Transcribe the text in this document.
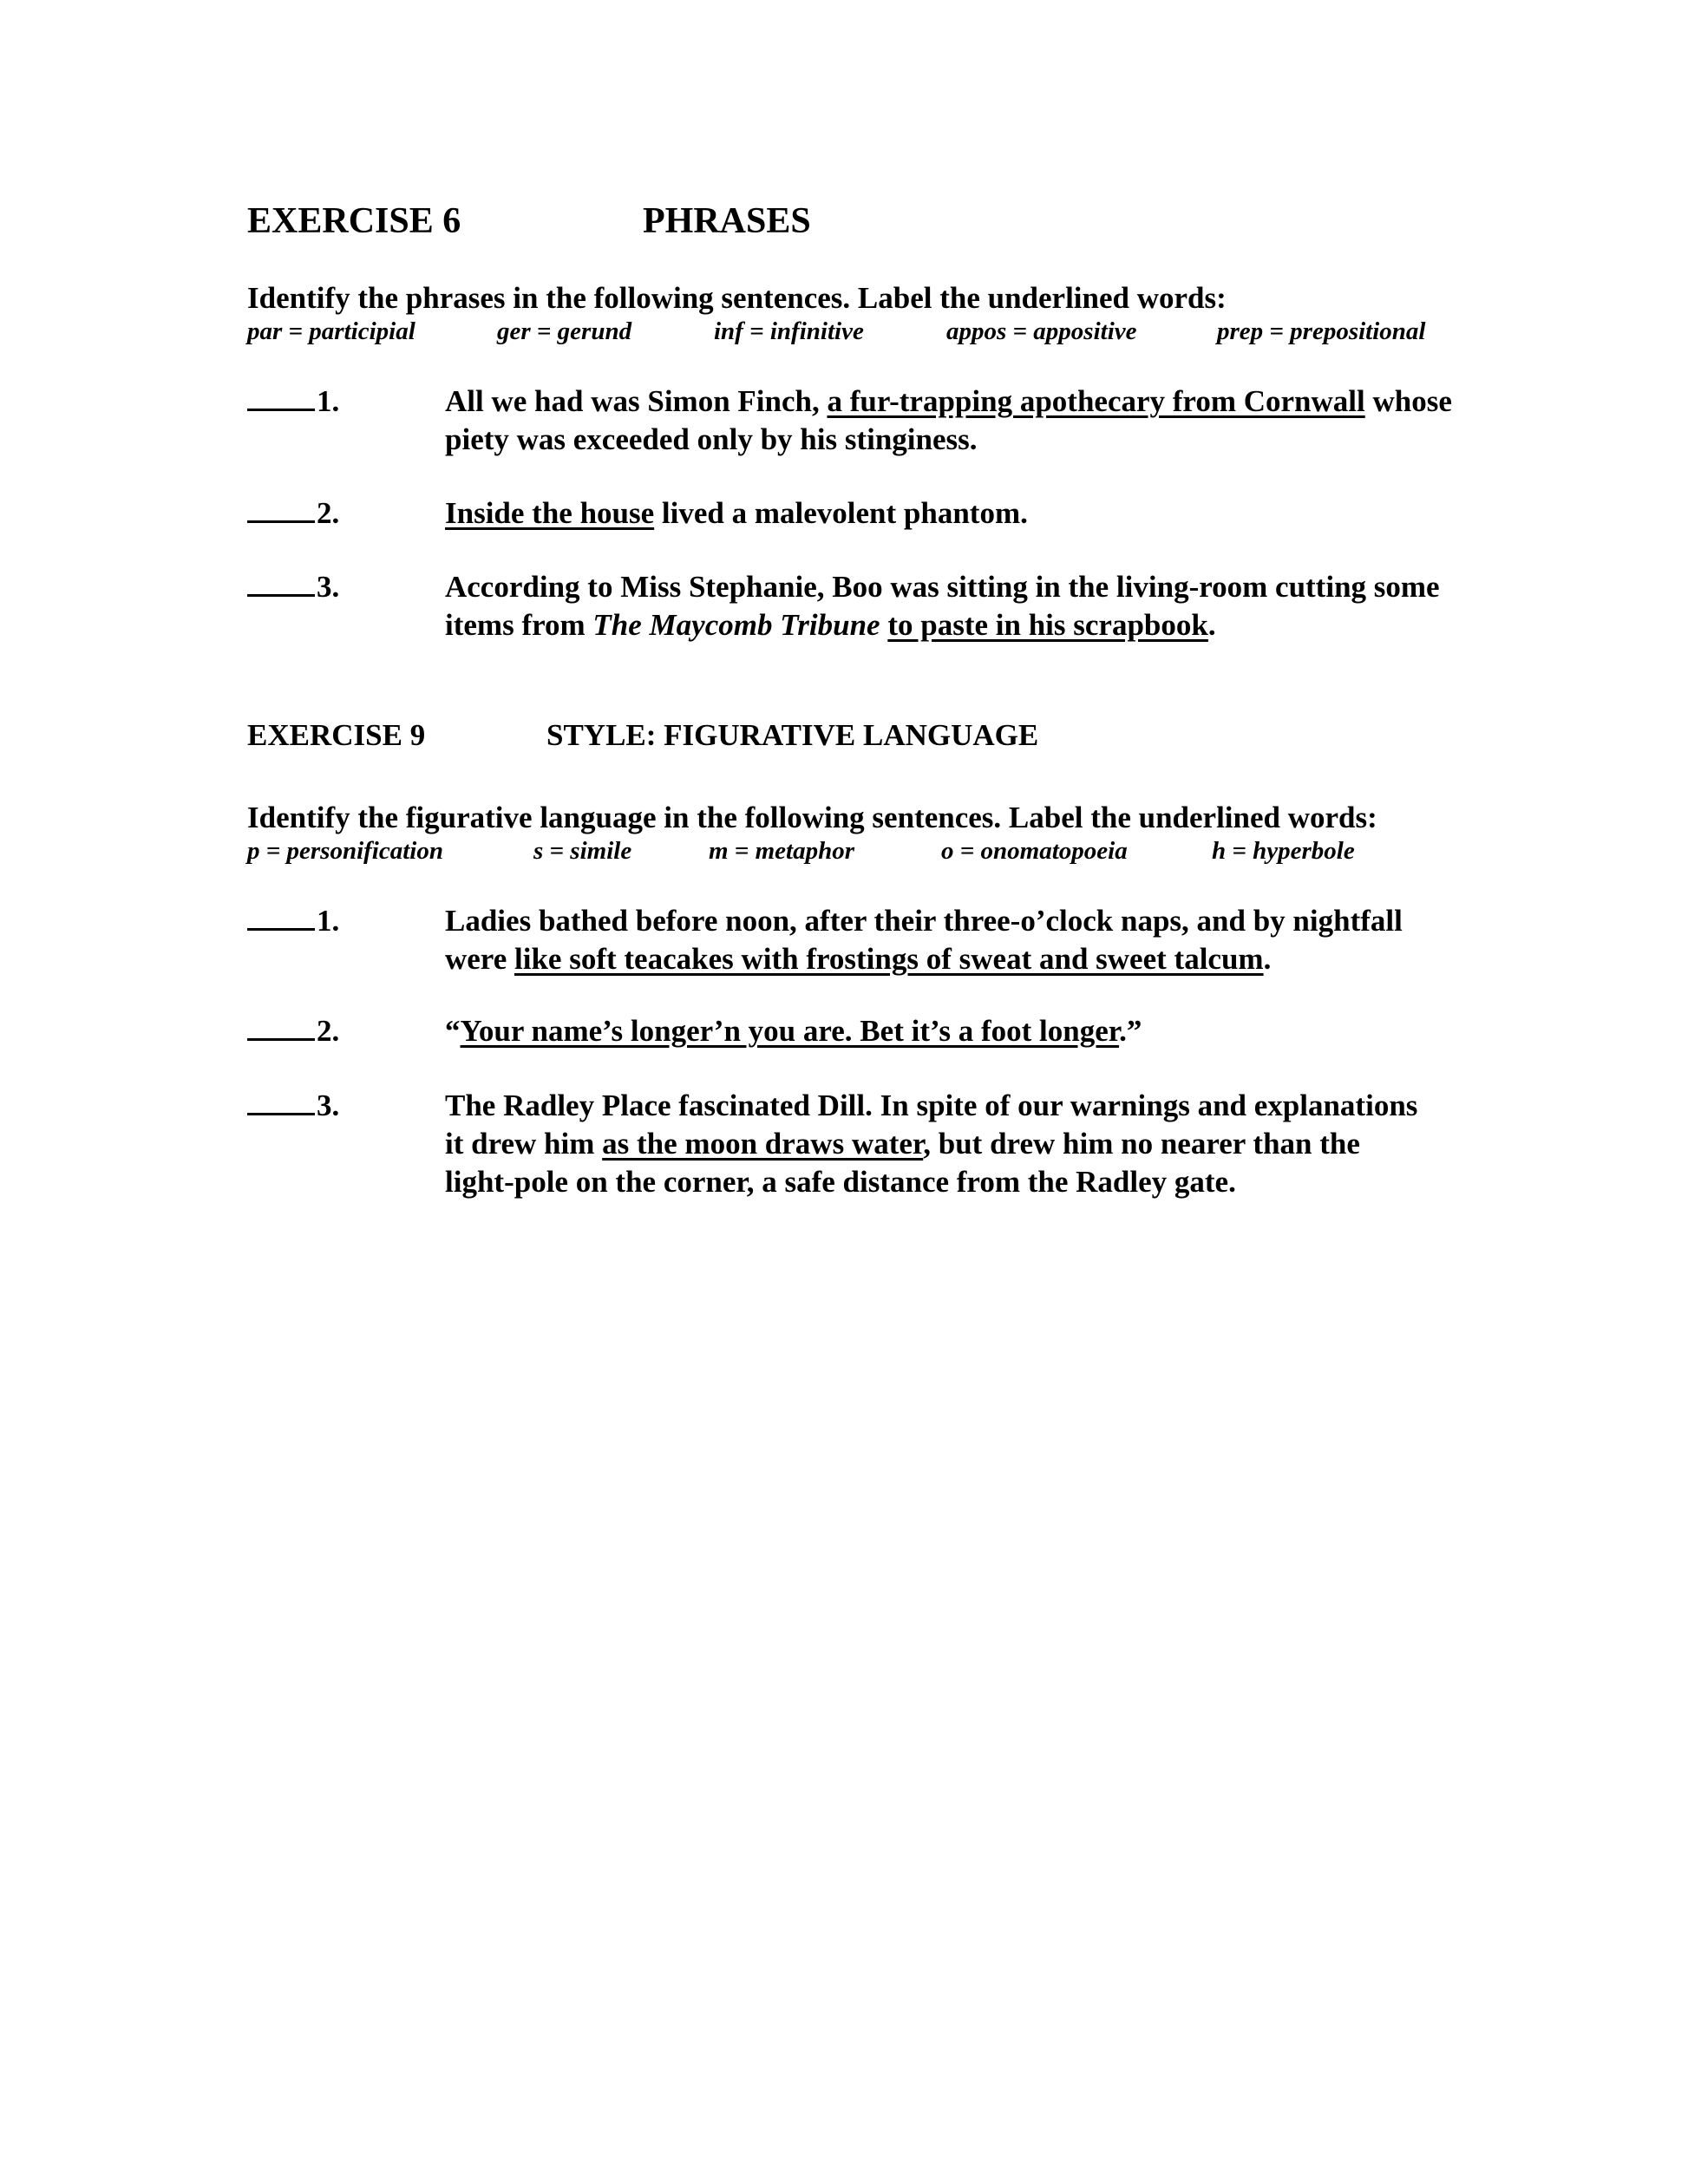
EXERCISE 6	PHRASES
Identify the phrases in the following sentences. Label the underlined words:
par = participial	ger = gerund	inf = infinitive	appos = appositive	prep = prepositional
1.	All we had was Simon Finch, a fur-trapping apothecary from Cornwall whose
piety was exceeded only by his stinginess.
2.	Inside the house lived a malevolent phantom.
3.	According to Miss Stephanie, Boo was sitting in the living-room cutting some
items from The Maycomb Tribune to paste in his scrapbook.
EXERCISE 9	STYLE: FIGURATIVE LANGUAGE
Identify the figurative language in the following sentences. Label the underlined words:
p = personification	s = simile	m = metaphor	o = onomatopoeia	h = hyperbole
1.	Ladies bathed before noon, after their three-o’clock naps, and by nightfall
were like soft teacakes with frostings of sweat and sweet talcum.
2.	“Your name’s longer’n you are. Bet it’s a foot longer.”
3.	The Radley Place fascinated Dill. In spite of our warnings and explanations
it drew him as the moon draws water, but drew him no nearer than the
light-pole on the corner, a safe distance from the Radley gate.
